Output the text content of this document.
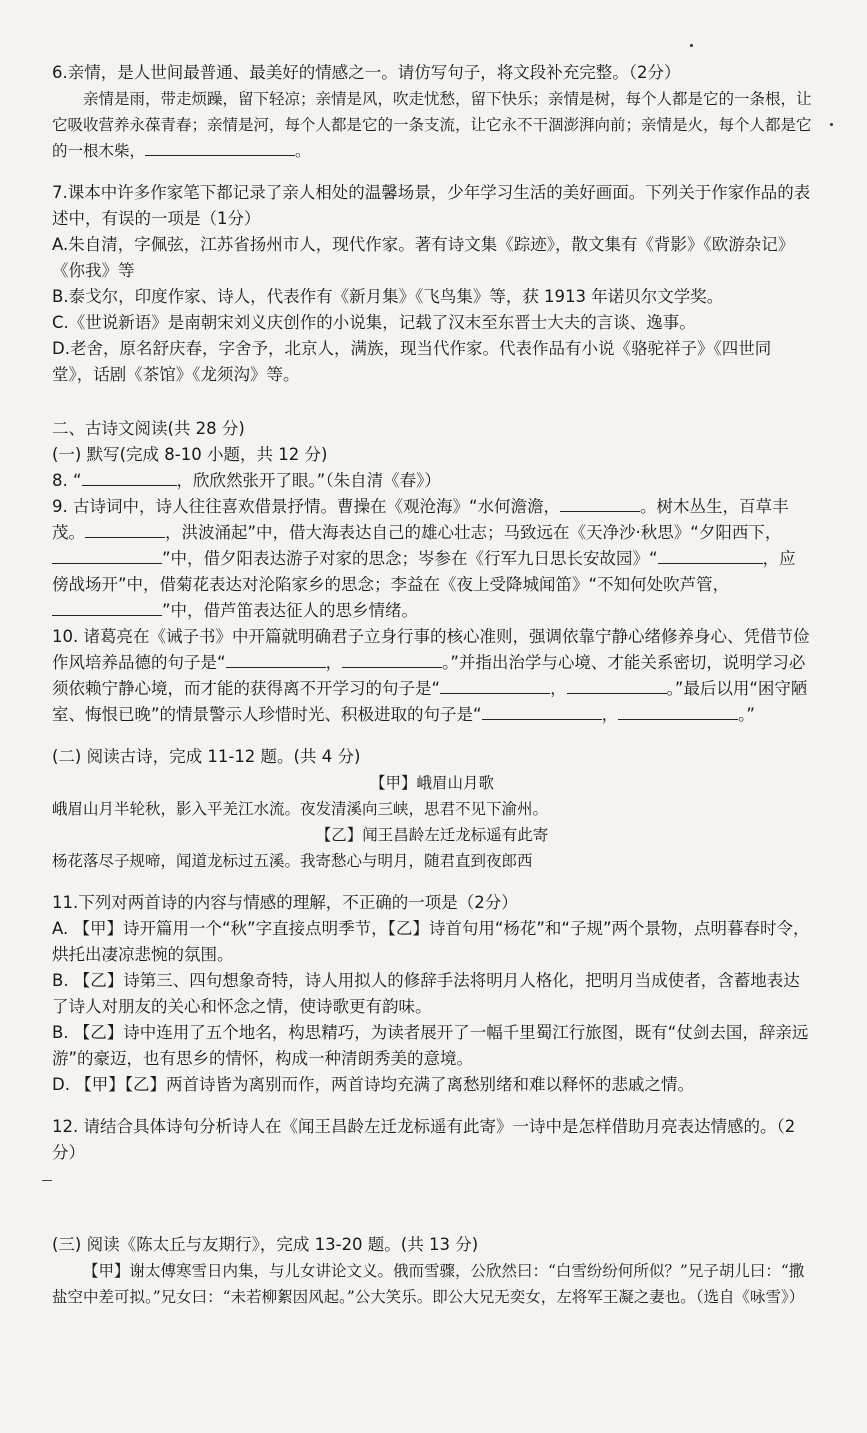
6.亲情，是人世间最普通、最美好的情感之一。请仿写句子，将文段补充完整。（2分）

亲情是雨，带走烦躁，留下轻凉；亲情是风，吹走忧愁，留下快乐；亲情是树，每个人都是它的一条根，让它吸收营养永葆青春；亲情是河，每个人都是它的一条支流，让它永不干涸澎湃向前；亲情是火，每个人都是它的一根木柴，	。

7.课本中许多作家笔下都记录了亲人相处的温馨场景，少年学习生活的美好画面。下列关于作家作品的表述中，有误的一项是（1分）

A.朱自清，字佩弦，江苏省扬州市人，现代作家。著有诗文集《踪迹》，散文集有《背影》《欧游杂记》《你我》等

B.泰戈尔，印度作家、诗人，代表作有《新月集》《飞鸟集》等，获 1913 年诺贝尔文学奖。

C.《世说新语》是南朝宋刘义庆创作的小说集，记载了汉末至东晋士大夫的言谈、逸事。

D.老舍，原名舒庆春，字舍予，北京人，满族，现当代作家。代表作品有小说《骆驼祥子》《四世同堂》，话剧《茶馆》《龙须沟》等。

二、古诗文阅读(共 28 分)

(一) 默写(完成 8-10 小题，共 12 分)

8. “	，欣欣然张开了眼。”（朱自清《春》）

9. 古诗词中，诗人往往喜欢借景抒情。曹操在《观沧海》“水何澹澹，	。树木丛生，百草丰茂。	，洪波涌起”中，借大海表达自己的雄心壮志；马致远在《天净沙·秋思》“夕阳西下，”中，借夕阳表达游子对家的思念；岑参在《行军九日思长安故园》“	，应傍战场开”中，借菊花表达对沦陷家乡的思念；李益在《夜上受降城闻笛》“不知何处吹芦管，”中，借芦笛表达征人的思乡情绪。

10. 诸葛亮在《诫子书》中开篇就明确君子立身行事的核心准则，强调依靠宁静心绪修养身心、凭借节俭作风培养品德的句子是“	，	。”并指出治学与心境、才能关系密切，说明学习必须依赖宁静心境，而才能的获得离不开学习的句子是“	，	。”最后以用“困守陋室、悔恨已晚”的情景警示人珍惜时光、积极进取的句子是“	，	。”

(二) 阅读古诗，完成 11-12 题。(共 4 分)

【甲】峨眉山月歌

峨眉山月半轮秋，影入平羌江水流。夜发清溪向三峡，思君不见下渝州。

【乙】闻王昌龄左迁龙标遥有此寄

杨花落尽子规啼，闻道龙标过五溪。我寄愁心与明月，随君直到夜郎西

11.下列对两首诗的内容与情感的理解，不正确的一项是（2分）

A. 【甲】诗开篇用一个“秋”字直接点明季节，【乙】诗首句用“杨花”和“子规”两个景物，点明暮春时令，烘托出凄凉悲惋的氛围。

B. 【乙】诗第三、四句想象奇特，诗人用拟人的修辞手法将明月人格化，把明月当成使者，含蓄地表达了诗人对朋友的关心和怀念之情，使诗歌更有韵味。

B. 【乙】诗中连用了五个地名，构思精巧，为读者展开了一幅千里蜀江行旅图，既有“仗剑去国，辞亲远游”的豪迈，也有思乡的情怀，构成一种清朗秀美的意境。

D. 【甲】【乙】两首诗皆为离别而作，两首诗均充满了离愁别绪和难以释怀的悲戚之情。

12. 请结合具体诗句分析诗人在《闻王昌龄左迁龙标遥有此寄》一诗中是怎样借助月亮表达情感的。（2分）

(三) 阅读《陈太丘与友期行》，完成 13-20 题。(共 13 分)

【甲】谢太傅寒雪日内集，与儿女讲论文义。俄而雪骤，公欣然曰：“白雪纷纷何所似？”兄子胡儿曰：“撒盐空中差可拟。”兄女曰：“未若柳絮因风起。”公大笑乐。即公大兄无奕女，左将军王凝之妻也。（选自《咏雪》）
